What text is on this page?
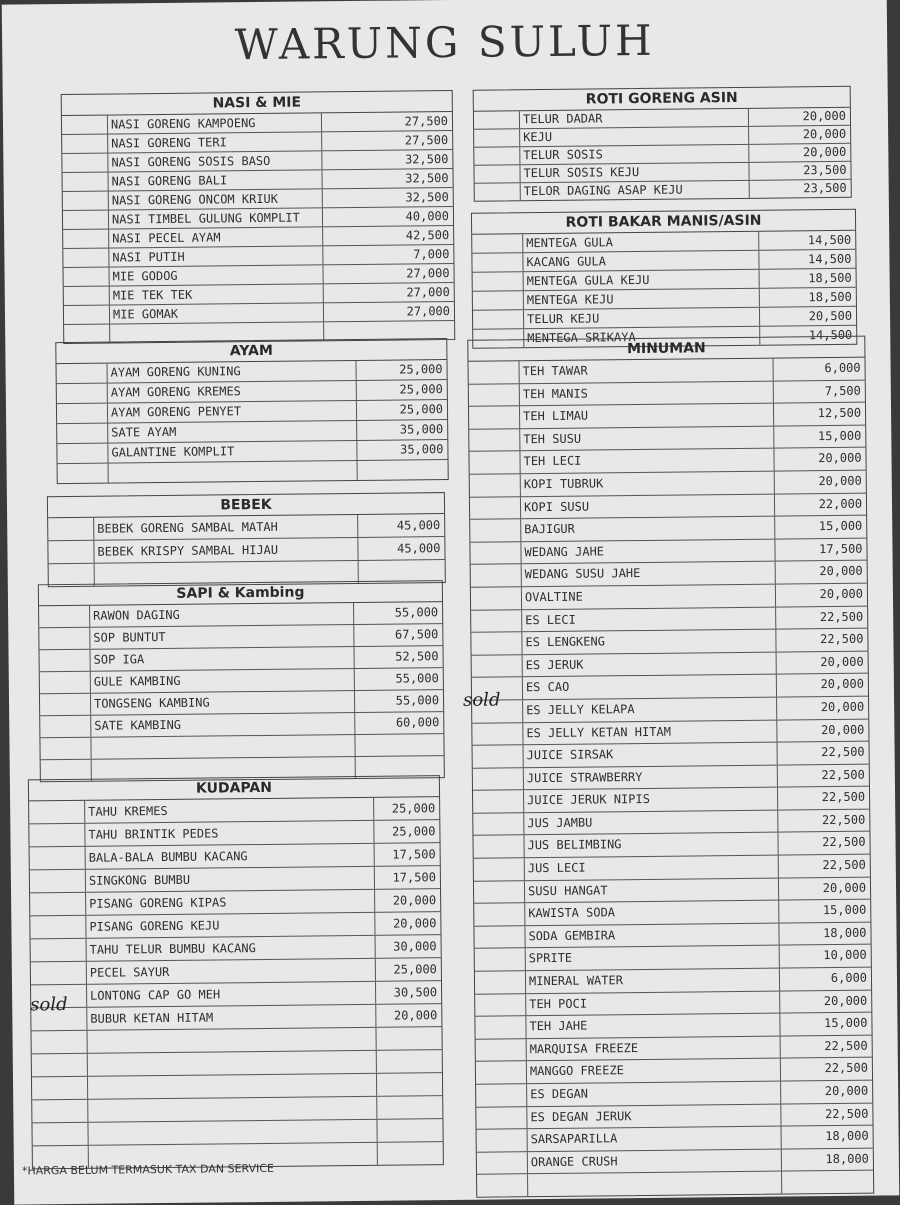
WARUNG SULUH
NASI & MIE
NASI GORENG KAMPOENG	27,500
NASI GORENG TERI	27,500
NASI GORENG SOSIS BASO	32,500
NASI GORENG BALI	32,500
NASI GORENG ONCOM KRIUK	32,500
NASI TIMBEL GULUNG KOMPLIT	40,000
NASI PECEL AYAM	42,500
NASI PUTIH	7,000
MIE GODOG	27,000
MIE TEK TEK	27,000
MIE GOMAK	27,000
AYAM
AYAM GORENG KUNING	25,000
AYAM GORENG KREMES	25,000
AYAM GORENG PENYET	25,000
SATE AYAM	35,000
GALANTINE KOMPLIT	35,000
BEBEK
BEBEK GORENG SAMBAL MATAH	45,000
BEBEK KRISPY SAMBAL HIJAU	45,000
SAPI & Kambing
RAWON DAGING	55,000
SOP BUNTUT	67,500
SOP IGA	52,500
GULE KAMBING	55,000
TONGSENG KAMBING	55,000
SATE KAMBING	60,000
KUDAPAN
TAHU KREMES	25,000
TAHU BRINTIK PEDES	25,000
BALA-BALA BUMBU KACANG	17,500
SINGKONG BUMBU	17,500
PISANG GORENG KIPAS	20,000
PISANG GORENG KEJU	20,000
TAHU TELUR BUMBU KACANG	30,000
PECEL SAYUR	25,000
LONTONG CAP GO MEH	30,500
BUBUR KETAN HITAM	20,000
ROTI GORENG ASIN
TELUR DADAR	20,000
KEJU	20,000
TELUR SOSIS	20,000
TELUR SOSIS KEJU	23,500
TELOR DAGING ASAP KEJU	23,500
ROTI BAKAR MANIS/ASIN
MENTEGA GULA	14,500
KACANG GULA	14,500
MENTEGA GULA KEJU	18,500
MENTEGA KEJU	18,500
TELUR KEJU	20,500
MENTEGA SRIKAYA	14,500
MINUMAN
TEH TAWAR	6,000
TEH MANIS	7,500
TEH LIMAU	12,500
TEH SUSU	15,000
TEH LECI	20,000
KOPI TUBRUK	20,000
KOPI SUSU	22,000
BAJIGUR	15,000
WEDANG JAHE	17,500
WEDANG SUSU JAHE	20,000
OVALTINE	20,000
ES LECI	22,500
ES LENGKENG	22,500
ES JERUK	20,000
ES CAO	20,000
ES JELLY KELAPA	20,000
ES JELLY KETAN HITAM	20,000
JUICE SIRSAK	22,500
JUICE STRAWBERRY	22,500
JUICE JERUK NIPIS	22,500
JUS JAMBU	22,500
JUS BELIMBING	22,500
JUS LECI	22,500
SUSU HANGAT	20,000
KAWISTA SODA	15,000
SODA GEMBIRA	18,000
SPRITE	10,000
MINERAL WATER	6,000
TEH POCI	20,000
TEH JAHE	15,000
MARQUISA FREEZE	22,500
MANGGO FREEZE	22,500
ES DEGAN	20,000
ES DEGAN JERUK	22,500
SARSAPARILLA	18,000
ORANGE CRUSH	18,000
sold
sold
*HARGA BELUM TERMASUK TAX DAN SERVICE
